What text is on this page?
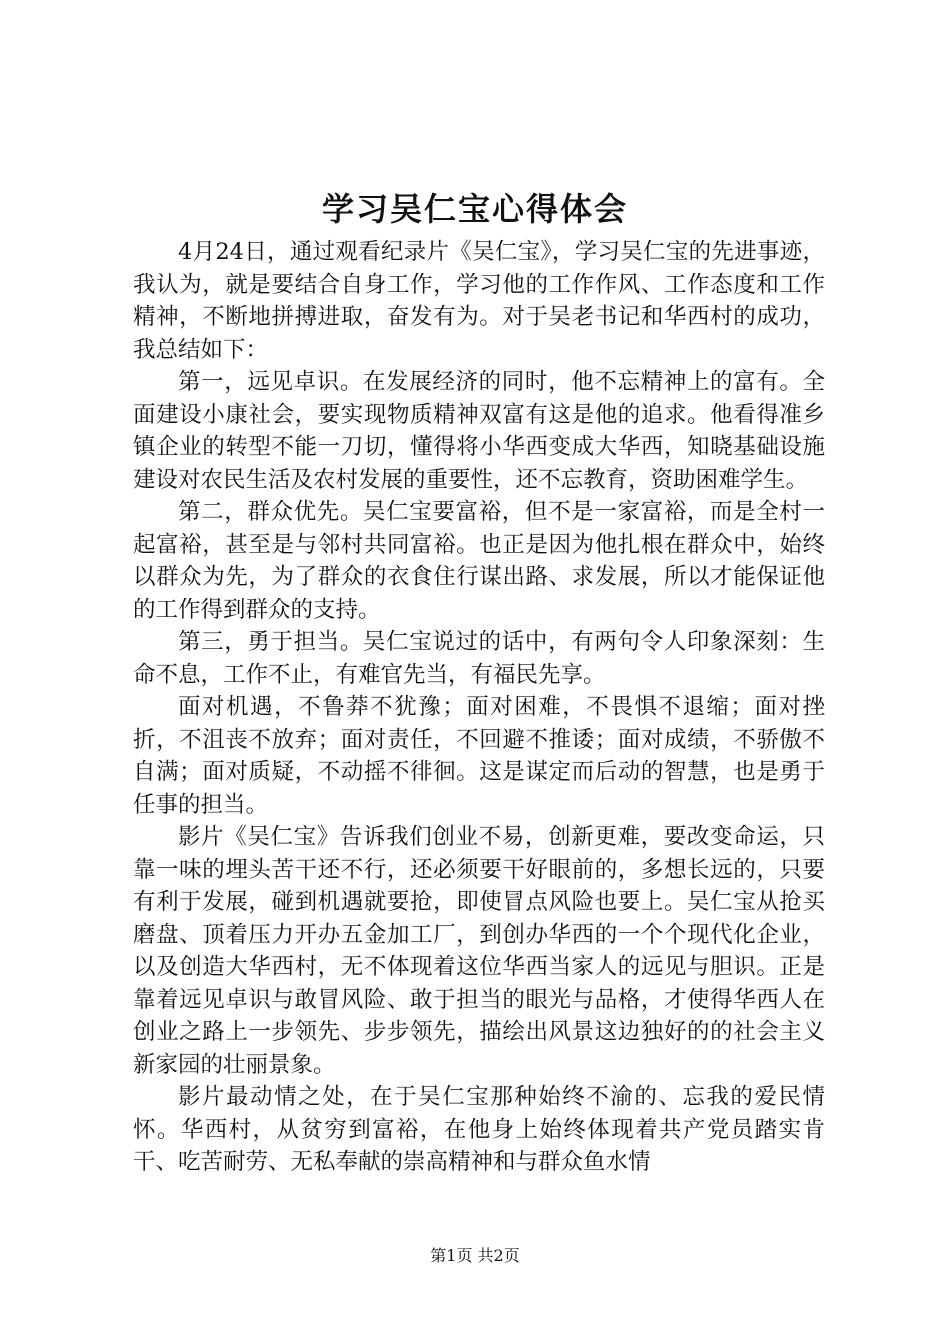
学习吴仁宝心得体会

4月24日，通过观看纪录片《吴仁宝》，学习吴仁宝的先进事迹，我认为，就是要结合自身工作，学习他的工作作风、工作态度和工作精神，不断地拼搏进取，奋发有为。对于吴老书记和华西村的成功，我总结如下：

第一，远见卓识。在发展经济的同时，他不忘精神上的富有。全面建设小康社会，要实现物质精神双富有这是他的追求。他看得准乡镇企业的转型不能一刀切，懂得将小华西变成大华西，知晓基础设施建设对农民生活及农村发展的重要性，还不忘教育，资助困难学生。

第二，群众优先。吴仁宝要富裕，但不是一家富裕，而是全村一起富裕，甚至是与邻村共同富裕。也正是因为他扎根在群众中，始终以群众为先，为了群众的衣食住行谋出路、求发展，所以才能保证他的工作得到群众的支持。

第三，勇于担当。吴仁宝说过的话中，有两句令人印象深刻：生命不息，工作不止，有难官先当，有福民先享。

面对机遇，不鲁莽不犹豫；面对困难，不畏惧不退缩；面对挫折，不沮丧不放弃；面对责任，不回避不推诿；面对成绩，不骄傲不自满；面对质疑，不动摇不徘徊。这是谋定而后动的智慧，也是勇于任事的担当。

影片《吴仁宝》告诉我们创业不易，创新更难，要改变命运，只靠一味的埋头苦干还不行，还必须要干好眼前的，多想长远的，只要有利于发展，碰到机遇就要抢，即使冒点风险也要上。吴仁宝从抢买磨盘、顶着压力开办五金加工厂，到创办华西的一个个现代化企业，以及创造大华西村，无不体现着这位华西当家人的远见与胆识。正是靠着远见卓识与敢冒风险、敢于担当的眼光与品格，才使得华西人在创业之路上一步领先、步步领先，描绘出风景这边独好的的社会主义新家园的壮丽景象。

影片最动情之处，在于吴仁宝那种始终不渝的、忘我的爱民情怀。华西村，从贫穷到富裕，在他身上始终体现着共产党员踏实肯干、吃苦耐劳、无私奉献的崇高精神和与群众鱼水情

第1页 共2页
